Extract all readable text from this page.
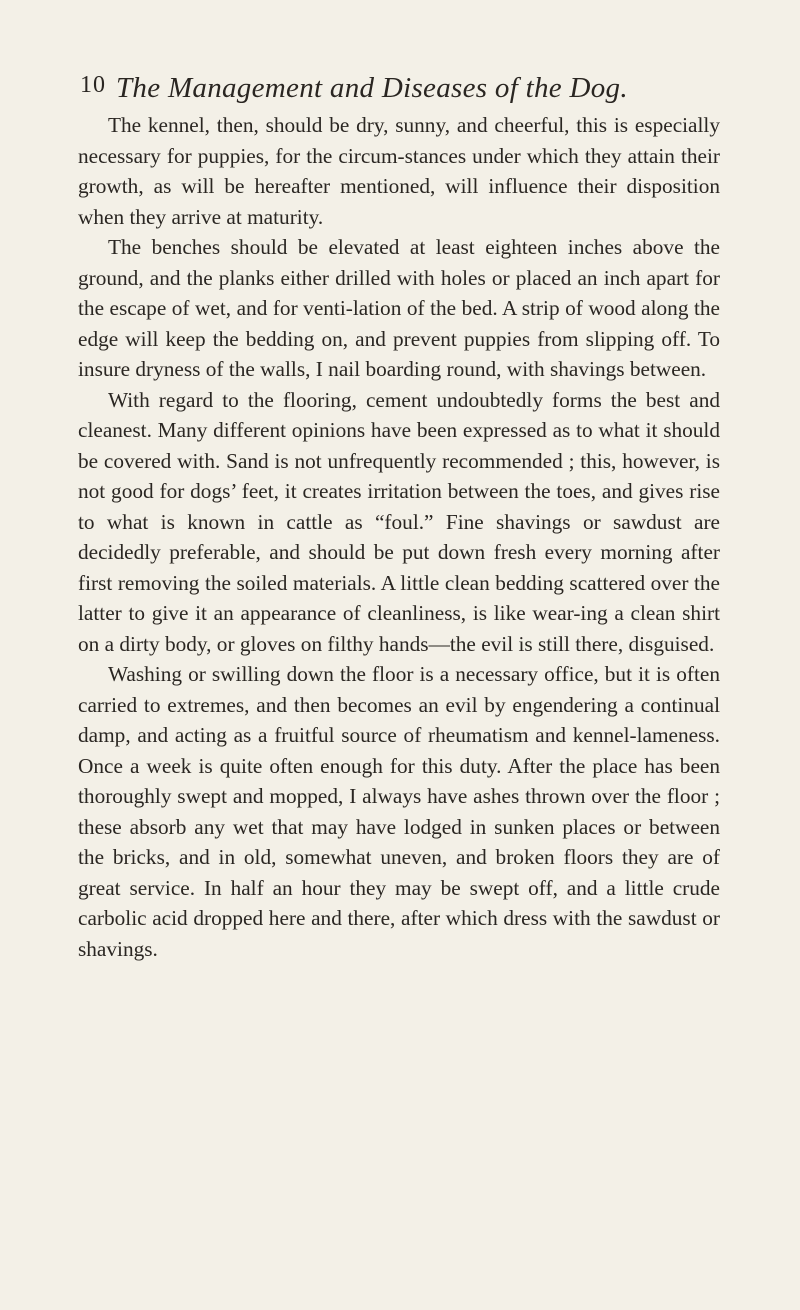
10 The Management and Diseases of the Dog.

The kennel, then, should be dry, sunny, and cheerful, this is especially necessary for puppies, for the circum-stances under which they attain their growth, as will be hereafter mentioned, will influence their disposition when they arrive at maturity.

The benches should be elevated at least eighteen inches above the ground, and the planks either drilled with holes or placed an inch apart for the escape of wet, and for venti-lation of the bed. A strip of wood along the edge will keep the bedding on, and prevent puppies from slipping off. To insure dryness of the walls, I nail boarding round, with shavings between.

With regard to the flooring, cement undoubtedly forms the best and cleanest. Many different opinions have been expressed as to what it should be covered with. Sand is not unfrequently recommended ; this, however, is not good for dogs’ feet, it creates irritation between the toes, and gives rise to what is known in cattle as “foul.” Fine shavings or sawdust are decidedly preferable, and should be put down fresh every morning after first removing the soiled materials. A little clean bedding scattered over the latter to give it an appearance of cleanliness, is like wear-ing a clean shirt on a dirty body, or gloves on filthy hands—the evil is still there, disguised.

Washing or swilling down the floor is a necessary office, but it is often carried to extremes, and then becomes an evil by engendering a continual damp, and acting as a fruitful source of rheumatism and kennel-lameness. Once a week is quite often enough for this duty. After the place has been thoroughly swept and mopped, I always have ashes thrown over the floor ; these absorb any wet that may have lodged in sunken places or between the bricks, and in old, somewhat uneven, and broken floors they are of great service. In half an hour they may be swept off, and a little crude carbolic acid dropped here and there, after which dress with the sawdust or shavings.
